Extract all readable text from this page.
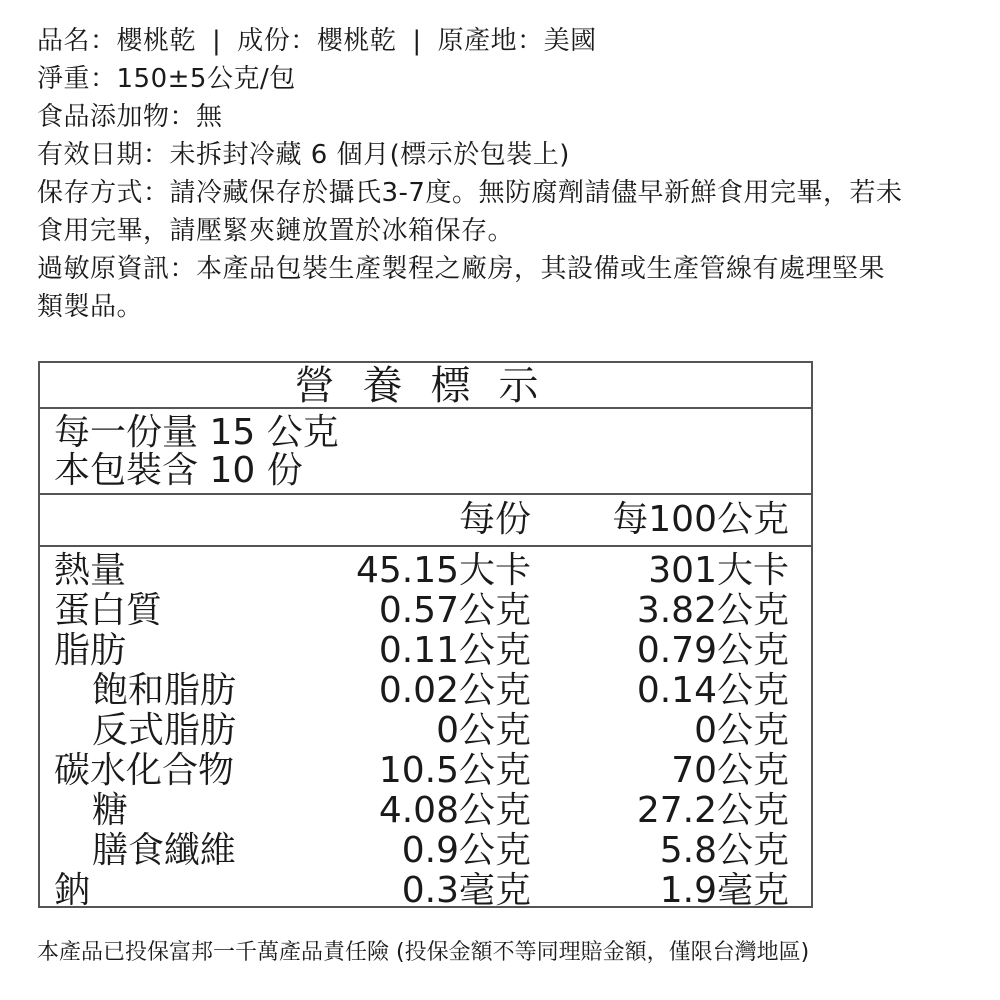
品名：櫻桃乾 | 成份：櫻桃乾 | 原產地：美國
淨重：150±5公克/包
食品添加物：無
有效日期：未拆封冷藏 6 個月(標示於包裝上)
保存方式：請冷藏保存於攝氏3-7度。無防腐劑請儘早新鮮食用完畢，若未
食用完畢，請壓緊夾鏈放置於冰箱保存。
過敏原資訊：本產品包裝生產製程之廠房，其設備或生產管線有處理堅果
類製品。
營養標示
每一份量 15 公克
本包裝含 10 份
每份 每100公克
熱量	45.15大卡	301大卡
蛋白質	0.57公克	3.82公克
脂肪	0.11公克	0.79公克
飽和脂肪	0.02公克	0.14公克
反式脂肪	0公克	0公克
碳水化合物	10.5公克	70公克
糖	4.08公克	27.2公克
膳食纖維	0.9公克	5.8公克
鈉	0.3毫克	1.9毫克
本產品已投保富邦一千萬產品責任險 (投保金額不等同理賠金額，僅限台灣地區)
